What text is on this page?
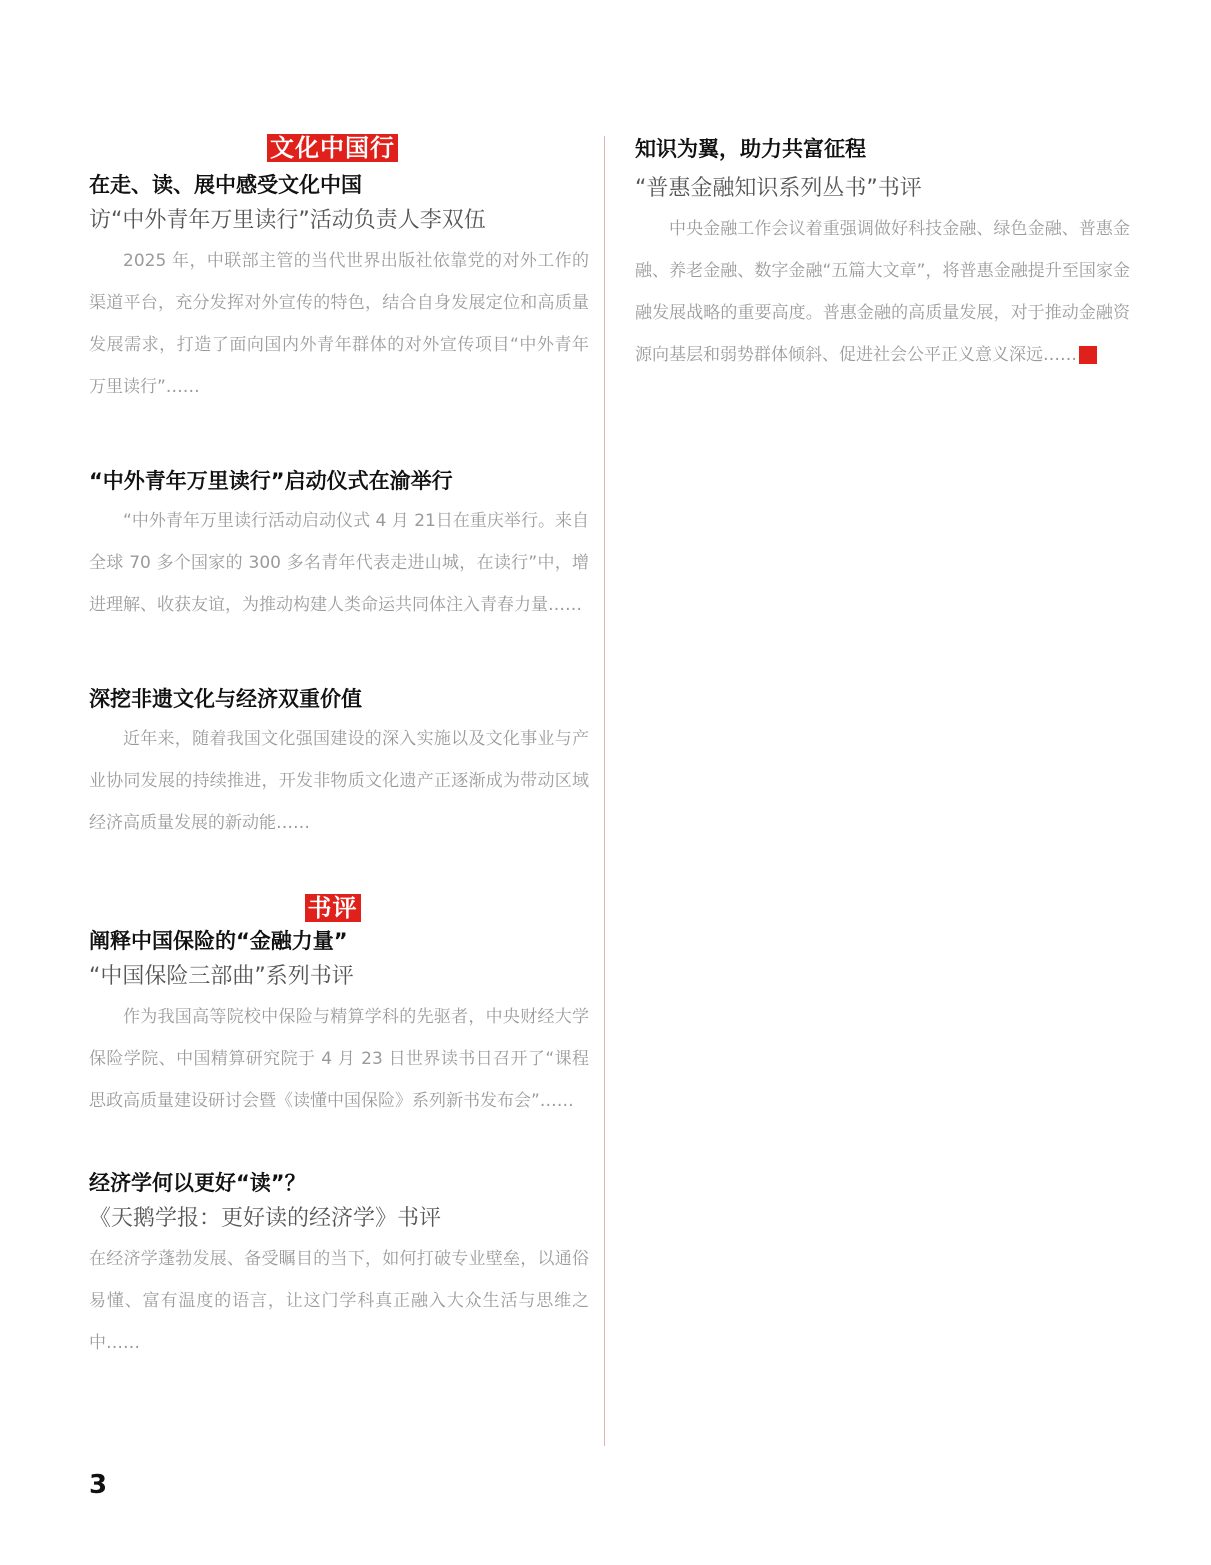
文化中国行

在走、读、展中感受文化中国

访“中外青年万里读行”活动负责人李双伍

2025 年，中联部主管的当代世界出版社依靠党的对外工作的渠道平台，充分发挥对外宣传的特色，结合自身发展定位和高质量发展需求，打造了面向国内外青年群体的对外宣传项目“中外青年万里读行”……

“中外青年万里读行”启动仪式在渝举行

“中外青年万里读行活动启动仪式 4 月 21日在重庆举行。来自全球 70 多个国家的 300 多名青年代表走进山城，在读行”中，增进理解、收获友谊，为推动构建人类命运共同体注入青春力量……

深挖非遗文化与经济双重价值

近年来，随着我国文化强国建设的深入实施以及文化事业与产业协同发展的持续推进，开发非物质文化遗产正逐渐成为带动区域经济高质量发展的新动能……

书评

阐释中国保险的“金融力量”

“中国保险三部曲”系列书评

作为我国高等院校中保险与精算学科的先驱者，中央财经大学保险学院、中国精算研究院于 4 月 23 日世界读书日召开了“课程思政高质量建设研讨会暨《读懂中国保险》系列新书发布会”……

经济学何以更好“读”？

《天鹅学报：更好读的经济学》书评

在经济学蓬勃发展、备受瞩目的当下，如何打破专业壁垒，以通俗易懂、富有温度的语言，让这门学科真正融入大众生活与思维之中……

知识为翼，助力共富征程

“普惠金融知识系列丛书”书评

中央金融工作会议着重强调做好科技金融、绿色金融、普惠金融、养老金融、数字金融“五篇大文章”，将普惠金融提升至国家金融发展战略的重要高度。普惠金融的高质量发展，对于推动金融资源向基层和弱势群体倾斜、促进社会公平正义意义深远……	书

3
